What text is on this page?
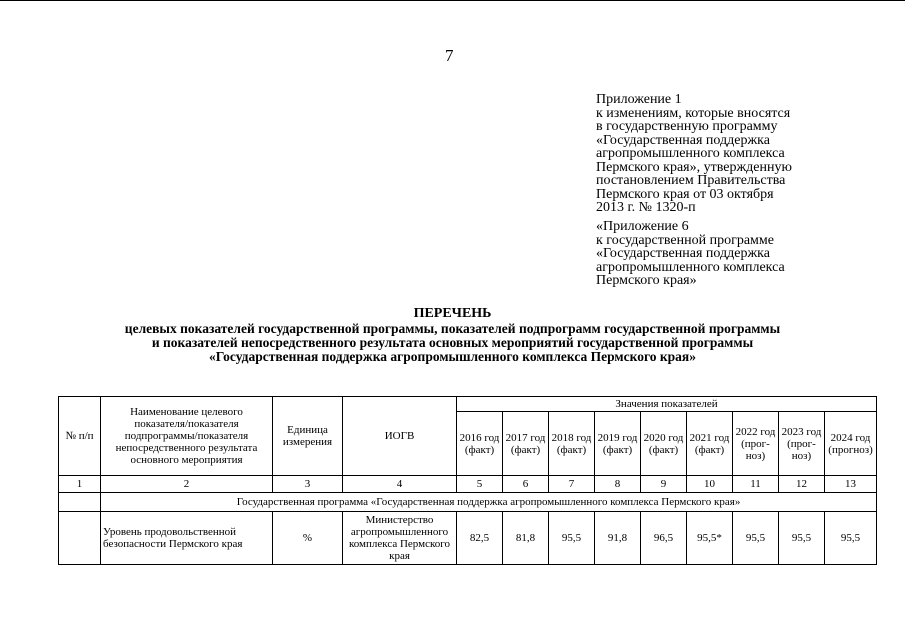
7
Приложение 1
к изменениям, которые вносятся
в государственную программу
«Государственная поддержка
агропромышленного комплекса
Пермского края», утвержденную
постановлением Правительства
Пермского края от 03 октября
2013 г. № 1320-п
«Приложение 6
к государственной программе
«Государственная поддержка
агропромышленного комплекса
Пермского края»
ПЕРЕЧЕНЬ
целевых показателей государственной программы, показателей подпрограмм государственной программы
и показателей непосредственного результата основных мероприятий государственной программы
«Государственная поддержка агропромышленного комплекса Пермского края»
№ п/п	Наименование целевого показателя/показателя подпрограммы/показателя непосредственного результата основного мероприятия	Единица измерения	ИОГВ	Значения показателей								
				2016 год (факт)	2017 год (факт)	2018 год (факт)	2019 год (факт)	2020 год (факт)	2021 год (факт)	2022 год (прог-ноз)	2023 год (прог-ноз)	2024 год (прогноз)
1	2	3	4	5	6	7	8	9	10	11	12	13
	Государственная программа «Государственная поддержка агропромышленного комплекса Пермского края»											
	Уровень продовольственной безопасности Пермского края	%	Министерство агропромышленного комплекса Пермского края	82,5	81,8	95,5	91,8	96,5	95,5*	95,5	95,5	95,5
